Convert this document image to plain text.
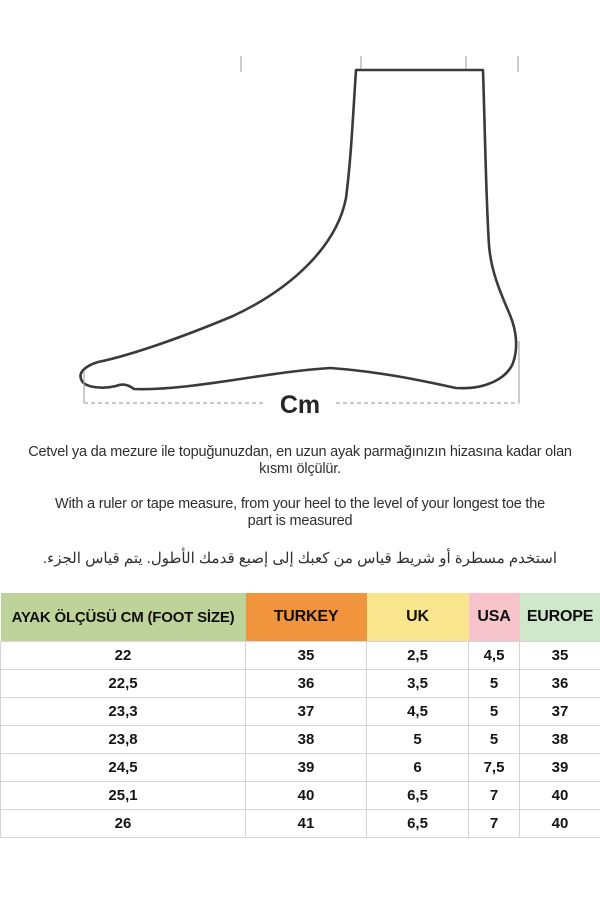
Cm

Cetvel ya da mezure ile topuğunuzdan, en uzun ayak parmağınızın hizasına kadar olan kısmı ölçülür.

With a ruler or tape measure, from your heel to the level of your longest toe the part is measured

استخدم مسطرة أو شريط قياس من كعبك إلى إصبع قدمك الأطول. يتم قياس الجزء.

AYAK ÖLÇÜSÜ CM (FOOT SİZE)	TURKEY	UK	USA	EUROPE
22	35	2,5	4,5	35
22,5	36	3,5	5	36
23,3	37	4,5	5	37
23,8	38	5	5	38
24,5	39	6	7,5	39
25,1	40	6,5	7	40
26	41	6,5	7	40
